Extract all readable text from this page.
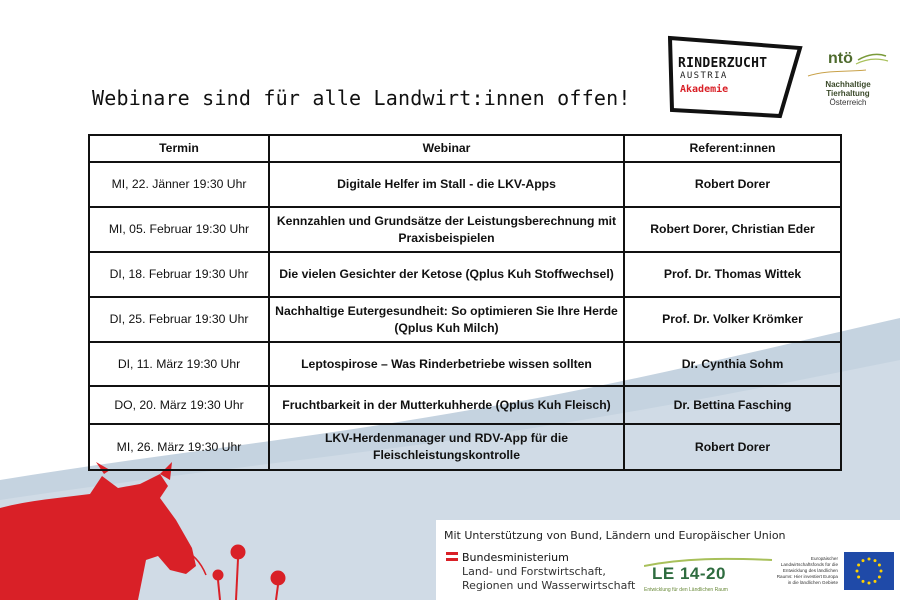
Webinare sind für alle Landwirt:innen offen!
RINDERZUCHT
AUSTRIA
Akademie
ntö
Nachhaltige
Tierhaltung
Österreich
Termin	Webinar	Referent:innen
MI, 22. Jänner 19:30 Uhr	Digitale Helfer im Stall - die LKV-Apps	Robert Dorer
MI, 05. Februar 19:30 Uhr	Kennzahlen und Grundsätze der Leistungsberechnung mit Praxisbeispielen	Robert Dorer, Christian Eder
DI, 18. Februar 19:30 Uhr	Die vielen Gesichter der Ketose (Qplus Kuh Stoffwechsel)	Prof. Dr. Thomas Wittek
DI, 25. Februar 19:30 Uhr	Nachhaltige Eutergesundheit: So optimieren Sie Ihre Herde (Qplus Kuh Milch)	Prof. Dr. Volker Krömker
DI, 11. März 19:30 Uhr	Leptospirose – Was Rinderbetriebe wissen sollten	Dr. Cynthia Sohm
DO, 20. März 19:30 Uhr	Fruchtbarkeit in der Mutterkuhherde (Qplus Kuh Fleisch)	Dr. Bettina Fasching
MI, 26. März 19:30 Uhr	LKV-Herdenmanager und RDV-App für die Fleischleistungskontrolle	Robert Dorer
Mit Unterstützung von Bund, Ländern und Europäischer Union
Bundesministerium
Land- und Forstwirtschaft,
Regionen und Wasserwirtschaft
LE 14-20
Entwicklung für den Ländlichen Raum
Europäischer Landwirtschaftsfonds für die Entwicklung des ländlichen Raums: Hier investiert Europa in die ländlichen Gebiete
